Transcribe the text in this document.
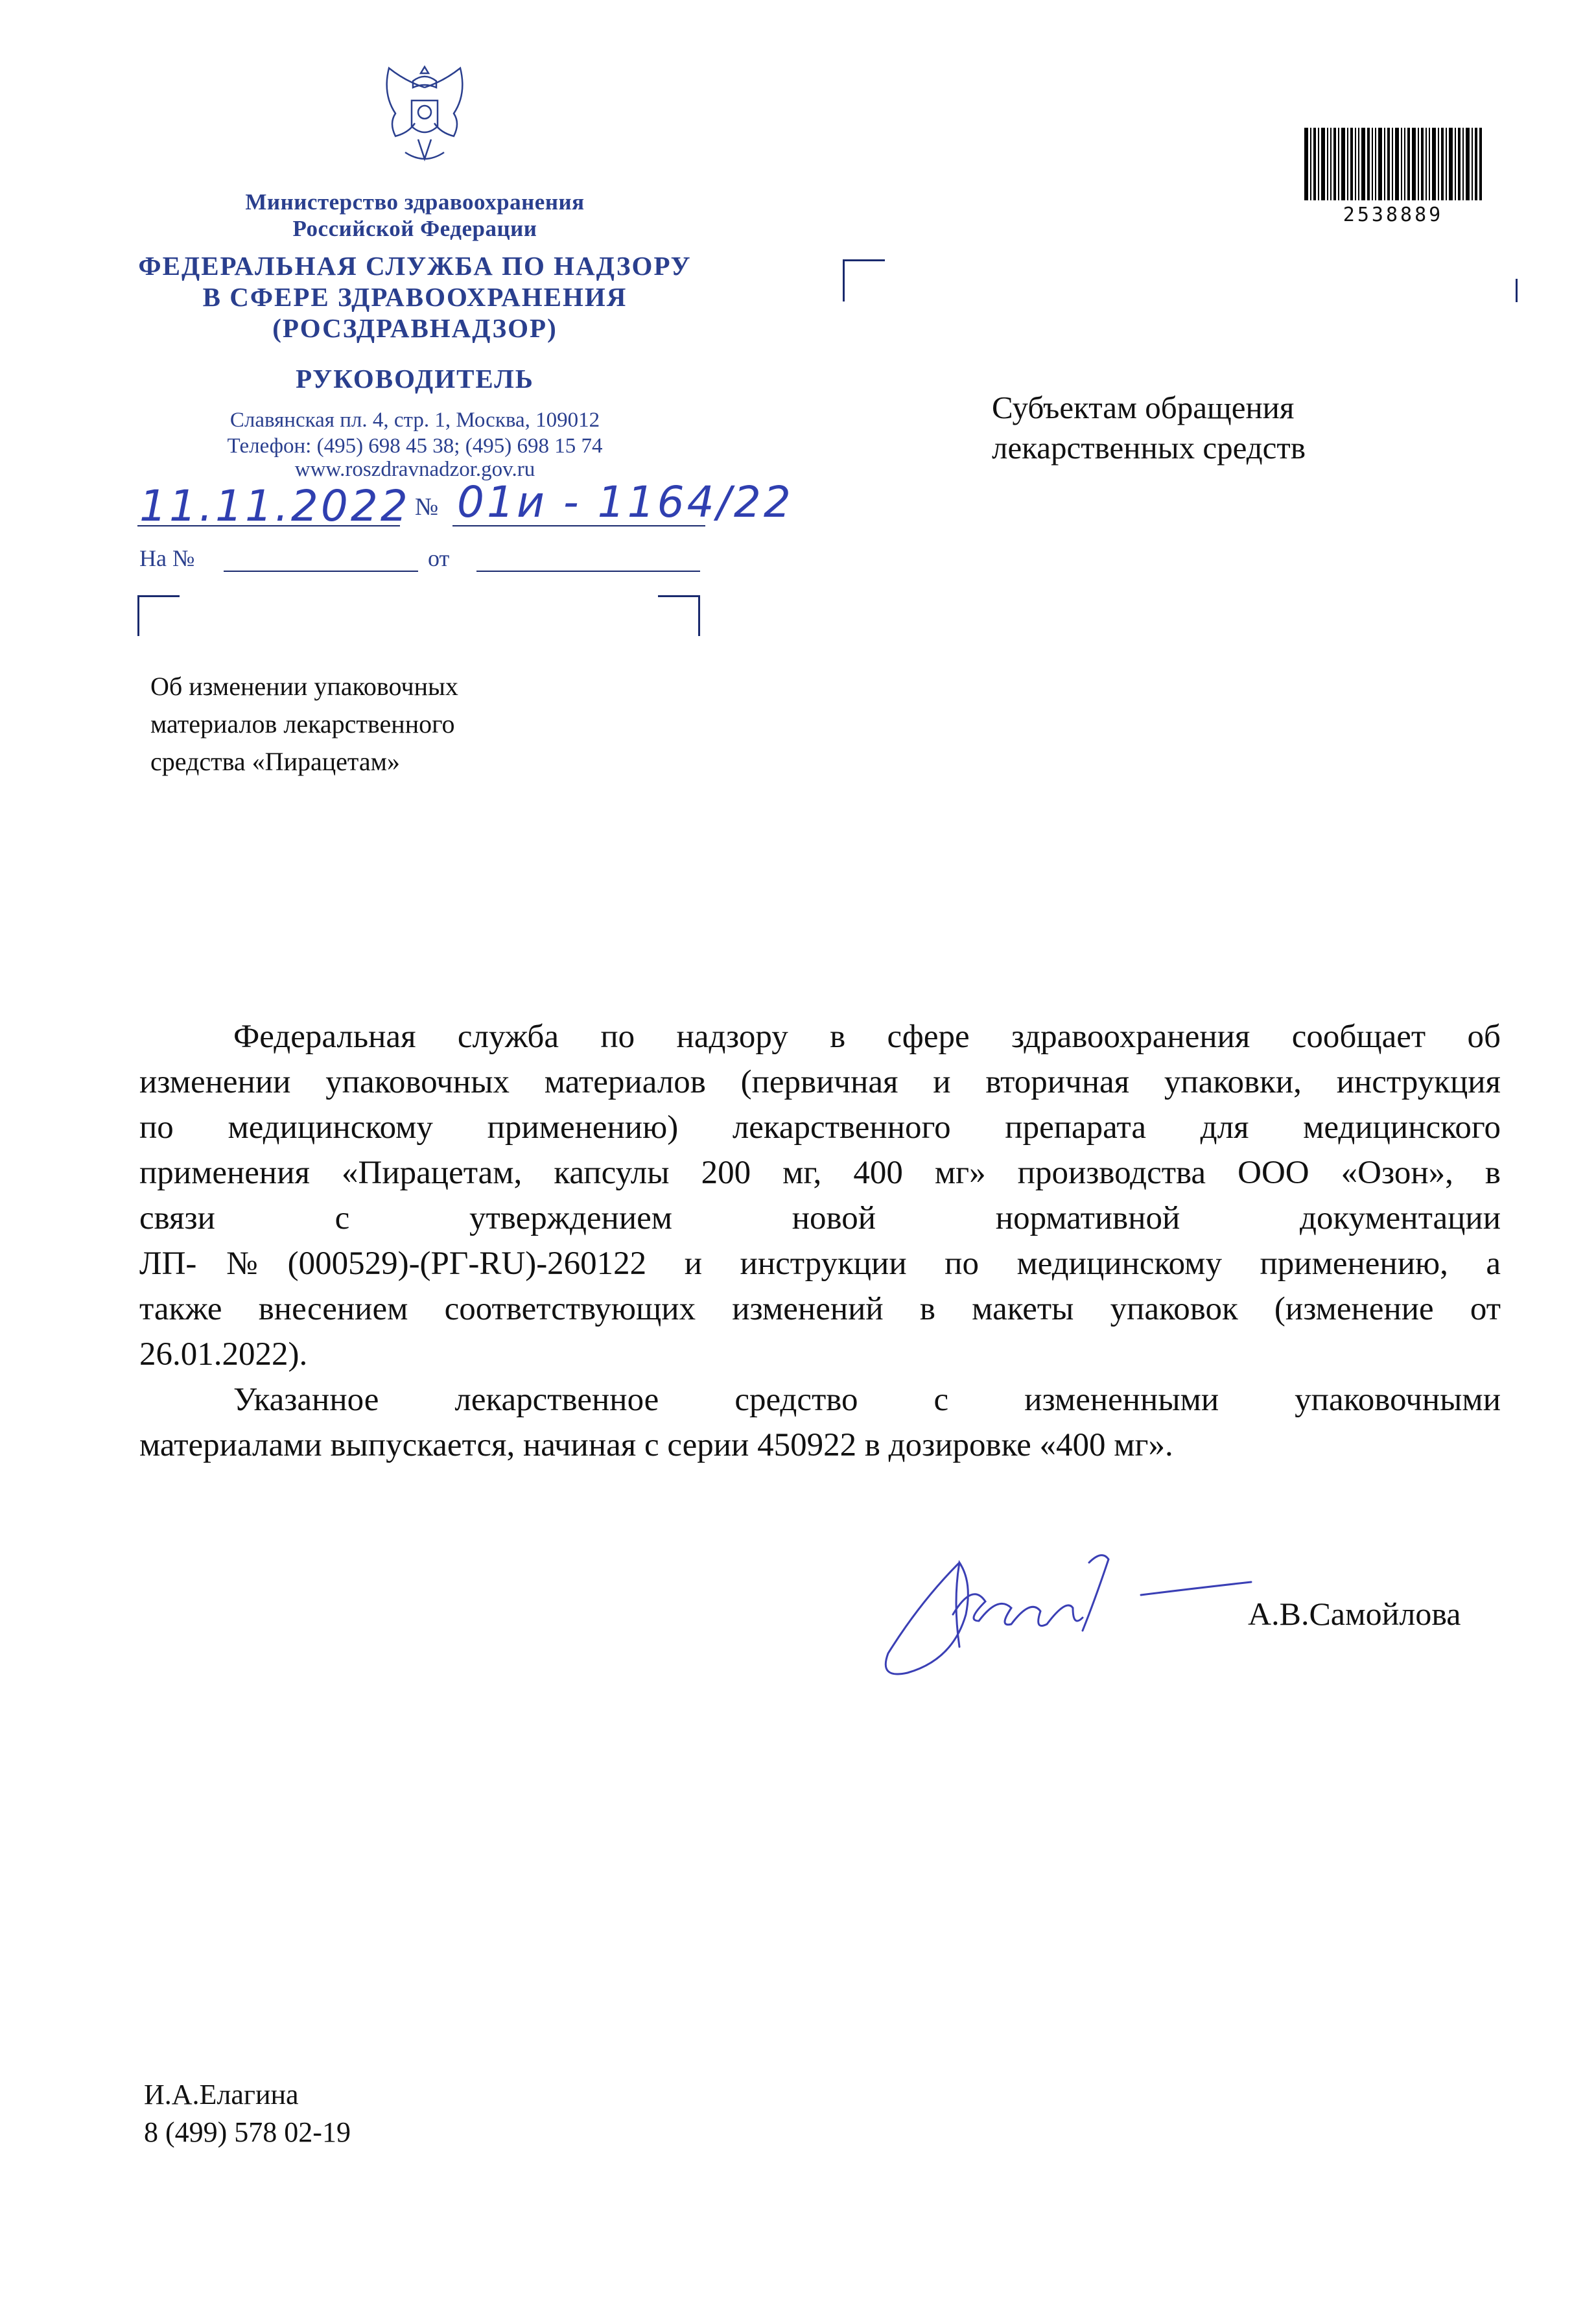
Министерство здравоохранения
Российской Федерации
ФЕДЕРАЛЬНАЯ СЛУЖБА ПО НАДЗОРУ
В СФЕРЕ ЗДРАВООХРАНЕНИЯ
(РОСЗДРАВНАДЗОР)
РУКОВОДИТЕЛЬ
Славянская пл. 4, стр. 1, Москва, 109012
Телефон: (495) 698 45 38; (495) 698 15 74
www.roszdravnadzor.gov.ru
11.11.2022 № 01и - 1164/22
На №	от
2538889
Субъектам обращения
лекарственных средств
Об изменении упаковочных
материалов лекарственного
средства «Пирацетам»
Федеральная служба по надзору в сфере здравоохранения сообщает об
изменении упаковочных материалов (первичная и вторичная упаковки, инструкция
по медицинскому применению) лекарственного препарата для медицинского
применения «Пирацетам, капсулы 200 мг, 400 мг» производства ООО «Озон», в
связи с утверждением новой нормативной документации
ЛП-№(000529)-(РГ-RU)-260122 и инструкции по медицинскому применению, а
также внесением соответствующих изменений в макеты упаковок (изменение от
26.01.2022).
Указанное лекарственное средство с измененными упаковочными
материалами выпускается, начиная с серии 450922 в дозировке «400 мг».
А.В.Самойлова
И.А.Елагина
8 (499) 578 02-19
